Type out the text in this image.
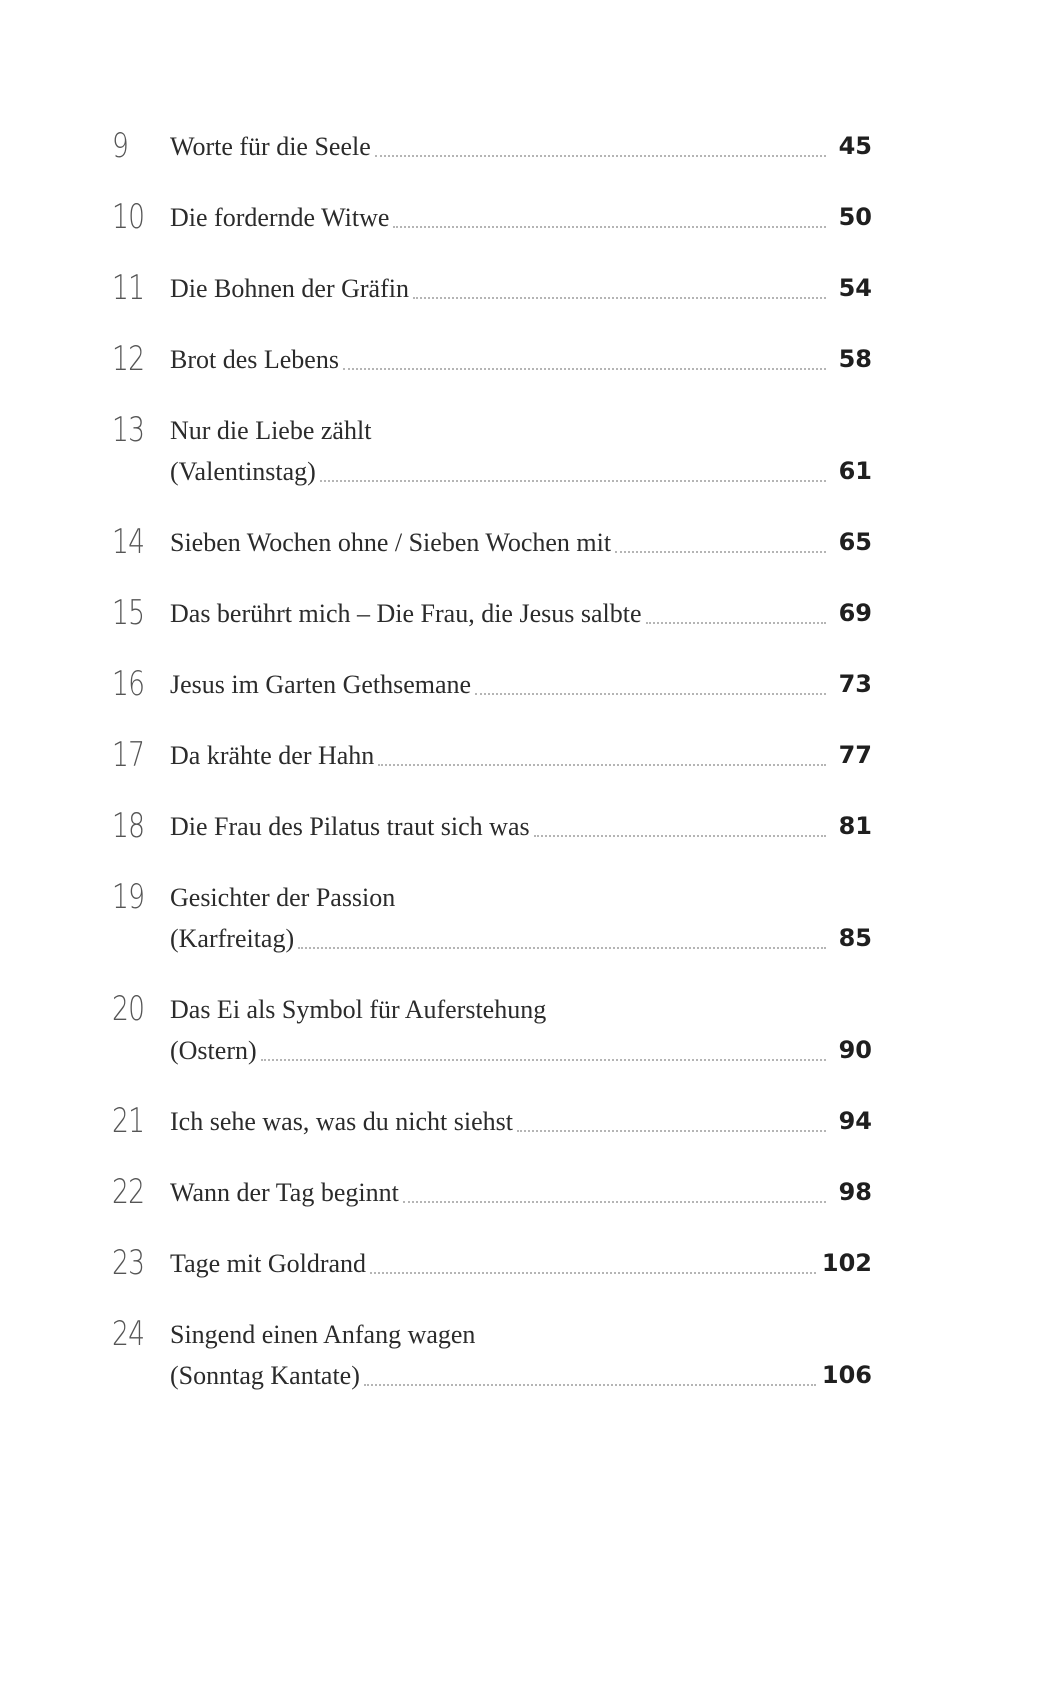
9	Worte für die Seele	45
10 Die fordernde Witwe	50
11 Die Bohnen der Gräfin	54
12 Brot des Lebens	58
13 Nur die Liebe zählt
(Valentinstag)	61
14 Sieben Wochen ohne / Sieben Wochen mit	65
15 Das berührt mich – Die Frau, die Jesus salbte	69
16 Jesus im Garten Gethsemane	73
17 Da krähte der Hahn	77
18 Die Frau des Pilatus traut sich was	81
19 Gesichter der Passion
(Karfreitag)	85
20 Das Ei als Symbol für Auferstehung
(Ostern)	90
21 Ich sehe was, was du nicht siehst	94
22 Wann der Tag beginnt	98
23 Tage mit Goldrand	102
24 Singend einen Anfang wagen
(Sonntag Kantate)	106
